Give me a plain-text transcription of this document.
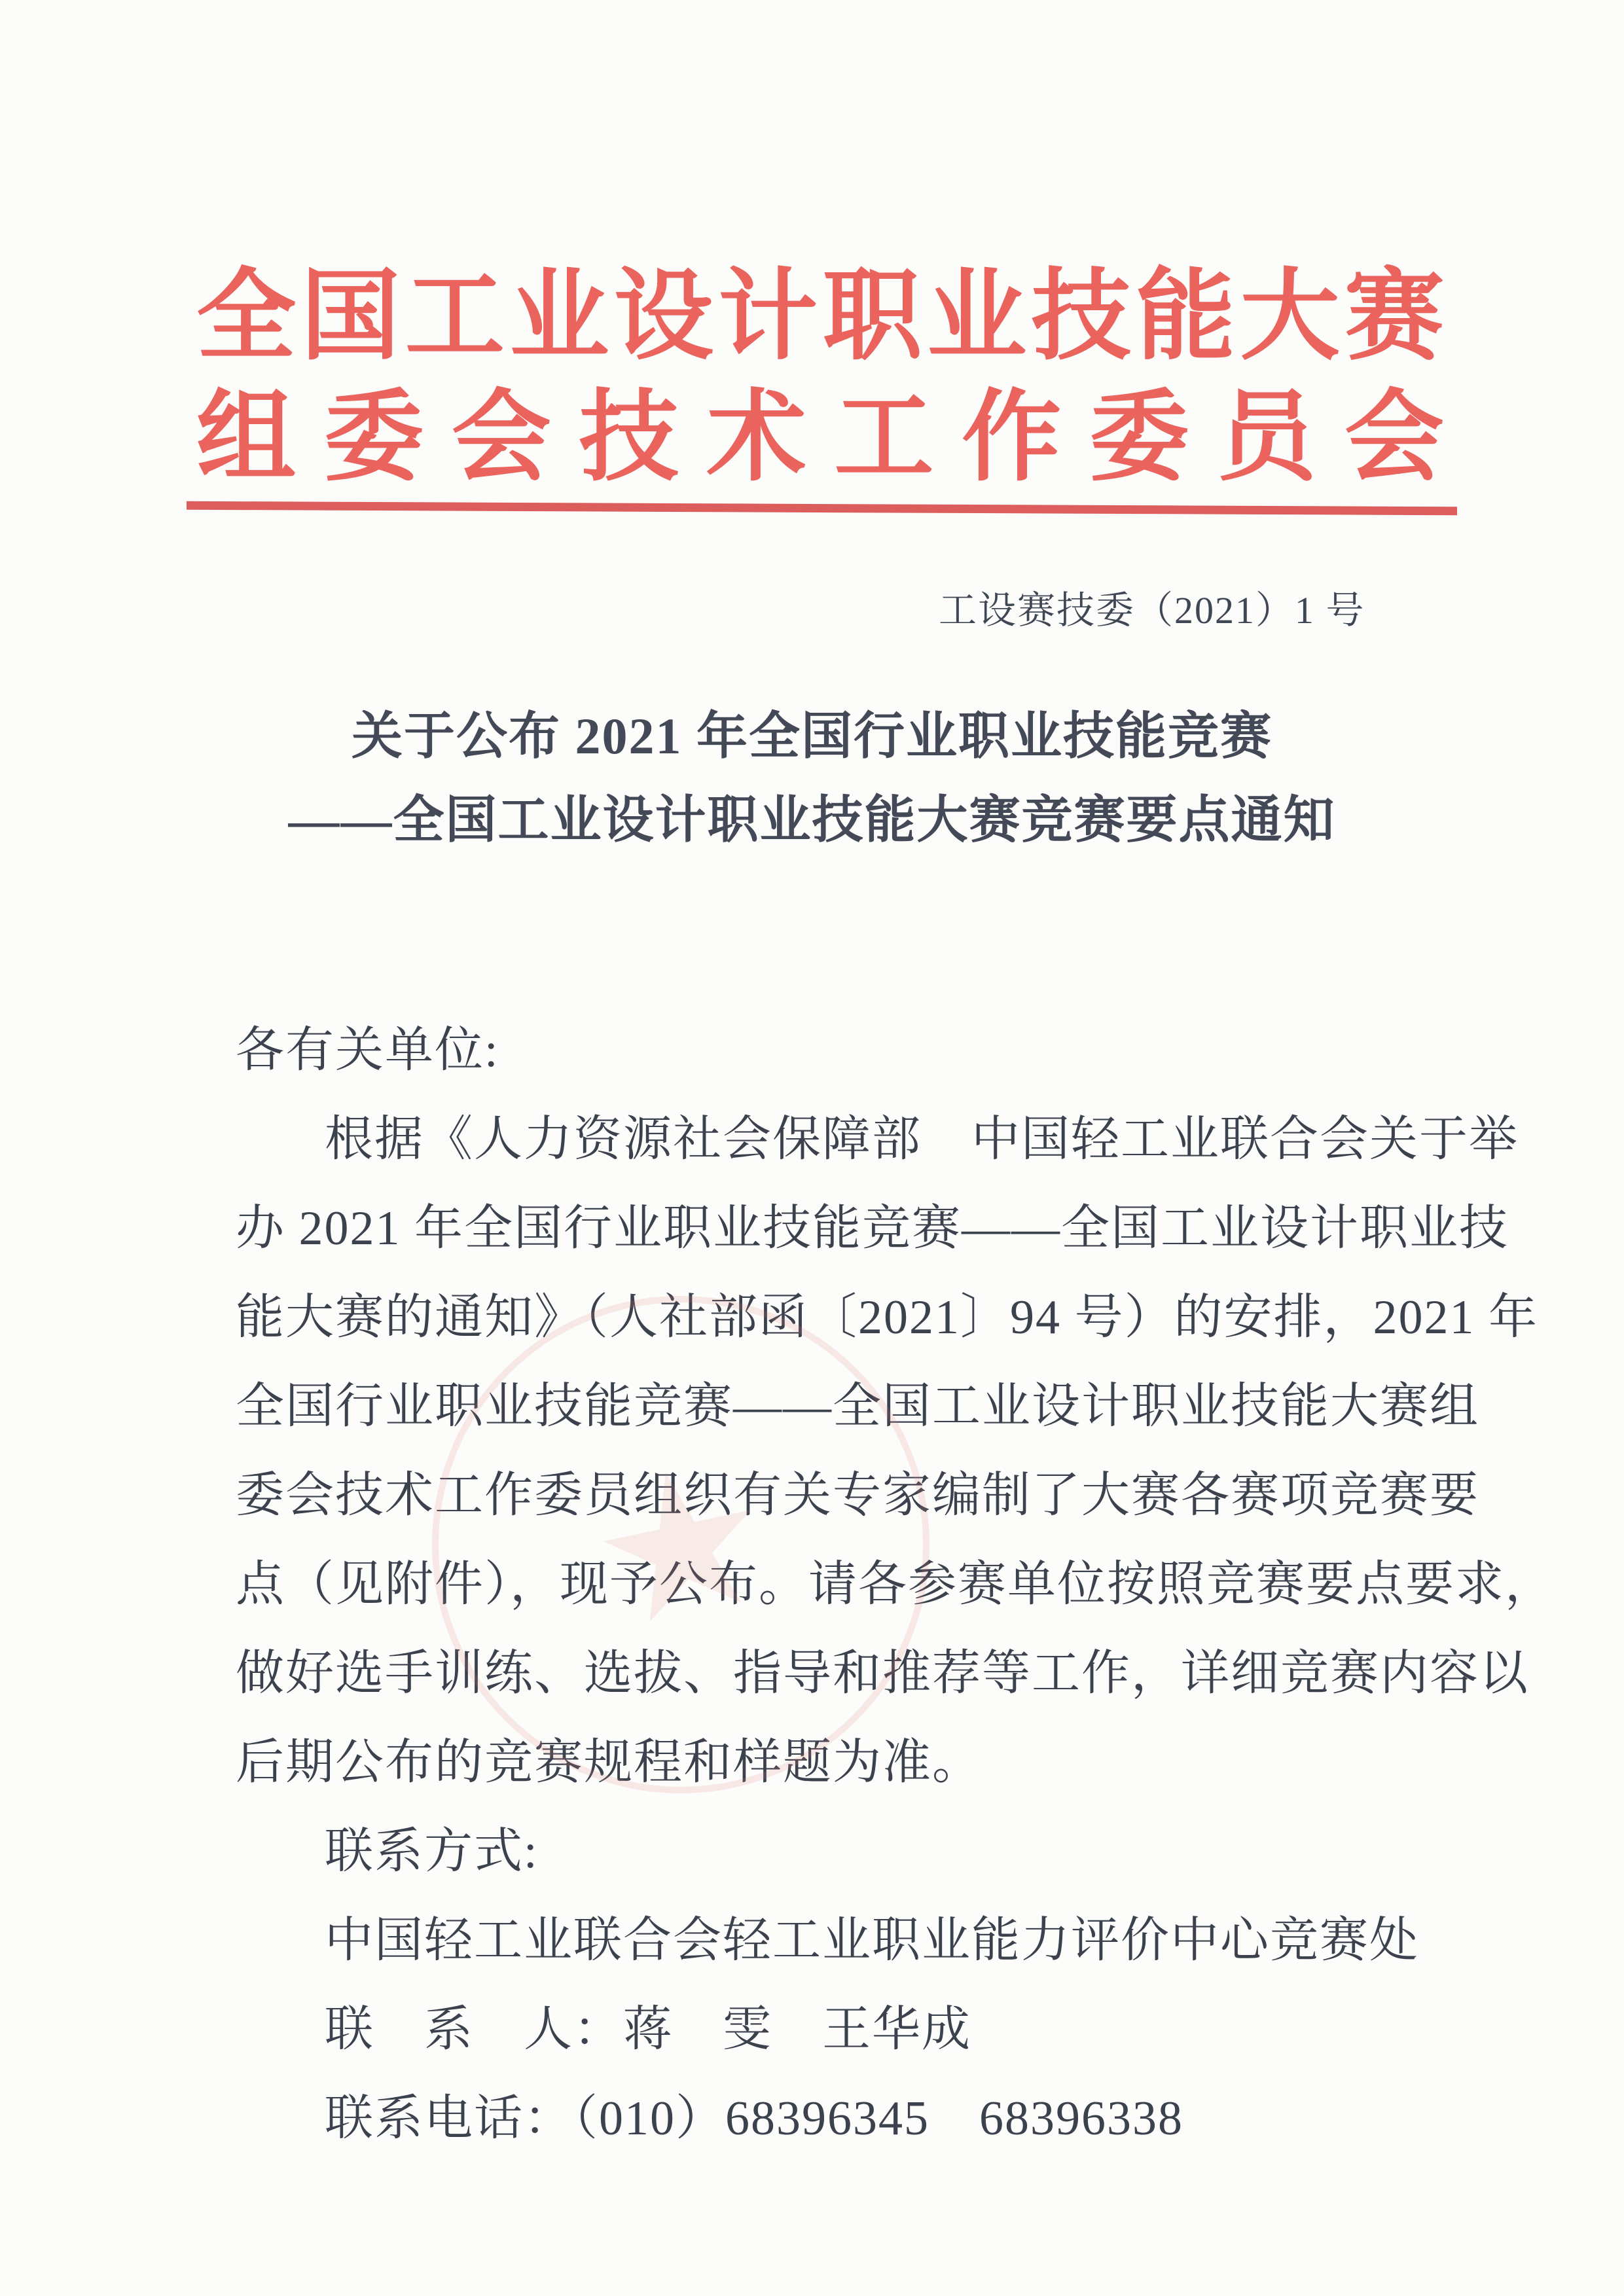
全国工业设计职业技能大赛
组委会技术工作委员会
工设赛技委（2021）1 号
关于公布 2021 年全国行业职业技能竞赛
——全国工业设计职业技能大赛竞赛要点通知
各有关单位:
根据《人力资源社会保障部　中国轻工业联合会关于举
办 2021 年全国行业职业技能竞赛——全国工业设计职业技
能大赛的通知》（人社部函〔2021〕94 号）的安排，2021 年
全国行业职业技能竞赛——全国工业设计职业技能大赛组
委会技术工作委员组织有关专家编制了大赛各赛项竞赛要
点（见附件），现予公布。请各参赛单位按照竞赛要点要求，
做好选手训练、选拔、指导和推荐等工作，详细竞赛内容以
后期公布的竞赛规程和样题为准。
联系方式:
中国轻工业联合会轻工业职业能力评价中心竞赛处
联　系　人：蒋　雯　王华成
联系电话：（010）68396345　68396338
★
